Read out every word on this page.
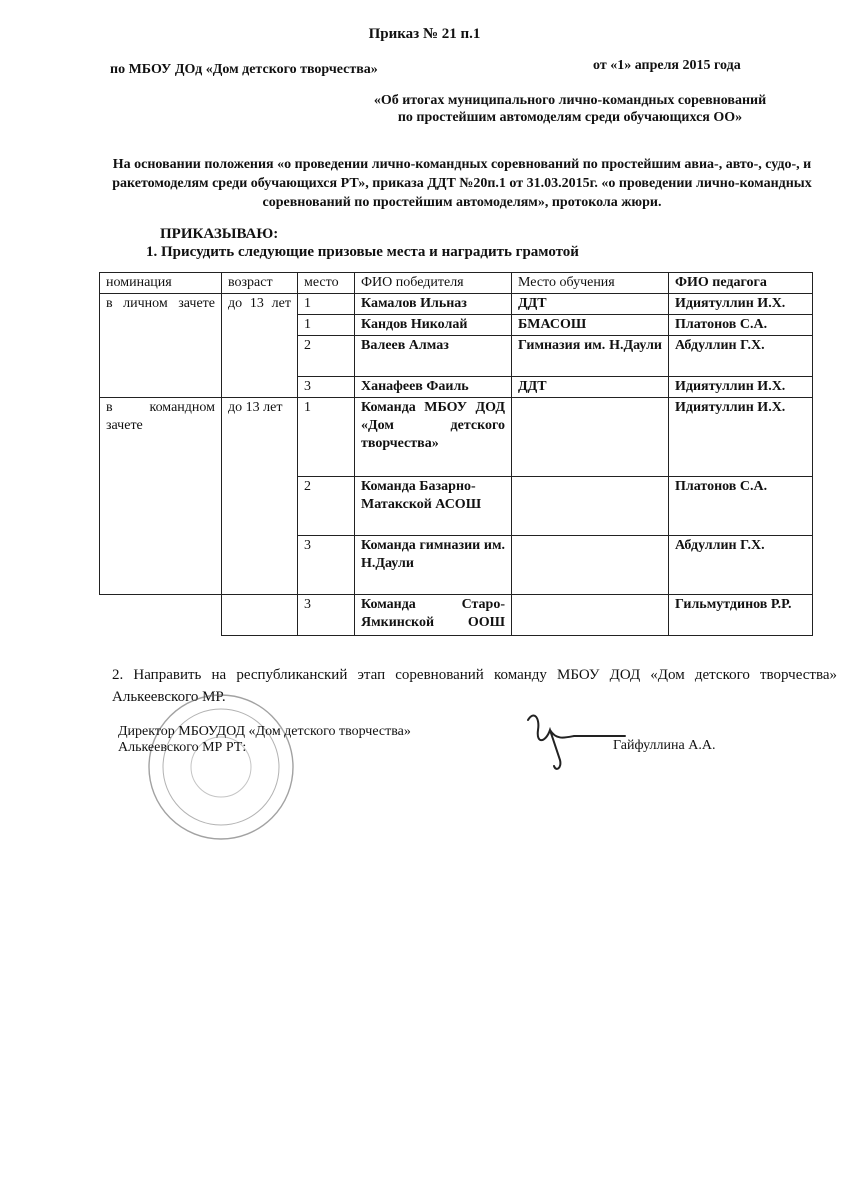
Приказ № 21 п.1
по МБОУ ДОд «Дом детского творчества»	от «1» апреля 2015 года
«Об итогах муниципального лично-командных соревнований
по простейшим автомоделям среди обучающихся ОО»
На основании положения «о проведении лично-командных соревнований по простейшим авиа-, авто-, судо-, и ракетомоделям среди обучающихся РТ», приказа ДДТ №20п.1 от 31.03.2015г. «о проведении лично-командных соревнований по простейшим автомоделям», протокола жюри.
ПРИКАЗЫВАЮ:
1. Присудить следующие призовые места и наградить грамотой
номинация	возраст	место	ФИО победителя	Место обучения	ФИО педагога
в личном зачете	до 13 лет	1	Камалов Ильназ	ДДТ	Идиятуллин И.Х.
		1	Кандов Николай	БМАСОШ	Платонов С.А.
		2	Валеев Алмаз	Гимназия им. Н.Даули	Абдуллин Г.Х.
		3	Ханафеев Фаиль	ДДТ	Идиятуллин И.Х.
в командном зачете	до 13 лет	1	Команда МБОУ ДОД «Дом детского творчества»		Идиятуллин И.Х.
		2	Команда Базарно-Матакской АСОШ		Платонов С.А.
		3	Команда гимназии им. Н.Даули		Абдуллин Г.Х.
		3	Команда Старо-Ямкинской ООШ		Гильмутдинов Р.Р.
2. Направить на республиканский этап соревнований команду МБОУ ДОД «Дом детского творчества» Алькеевского МР.
Директор МБОУДОД «Дом детского творчества»
Алькеевского МР РТ:	Гайфуллина А.А.
